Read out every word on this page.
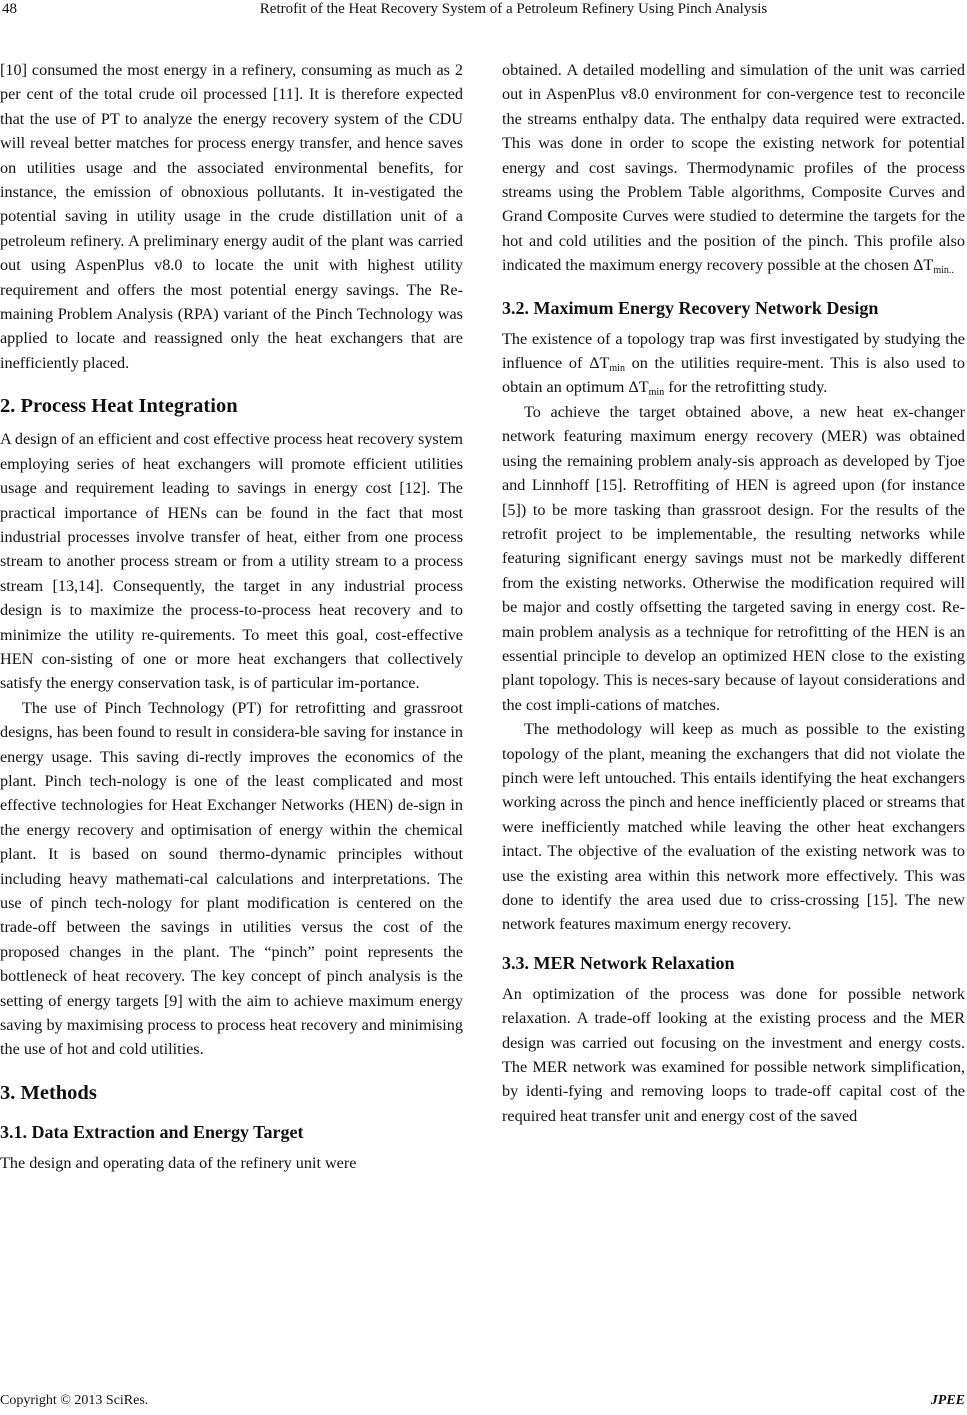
48	Retrofit of the Heat Recovery System of a Petroleum Refinery Using Pinch Analysis

[10] consumed the most energy in a refinery, consuming as much as 2 per cent of the total crude oil processed [11]. It is therefore expected that the use of PT to analyze the energy recovery system of the CDU will reveal better matches for process energy transfer, and hence saves on utilities usage and the associated environmental benefits, for instance, the emission of obnoxious pollutants. It in-vestigated the potential saving in utility usage in the crude distillation unit of a petroleum refinery. A preliminary energy audit of the plant was carried out using AspenPlus v8.0 to locate the unit with highest utility requirement and offers the most potential energy savings. The Re-maining Problem Analysis (RPA) variant of the Pinch Technology was applied to locate and reassigned only the heat exchangers that are inefficiently placed.

2. Process Heat Integration

A design of an efficient and cost effective process heat recovery system employing series of heat exchangers will promote efficient utilities usage and requirement leading to savings in energy cost [12]. The practical importance of HENs can be found in the fact that most industrial processes involve transfer of heat, either from one process stream to another process stream or from a utility stream to a process stream [13,14]. Consequently, the target in any industrial process design is to maximize the process-to-process heat recovery and to minimize the utility re-quirements. To meet this goal, cost-effective HEN con-sisting of one or more heat exchangers that collectively satisfy the energy conservation task, is of particular im-portance.

The use of Pinch Technology (PT) for retrofitting and grassroot designs, has been found to result in considera-ble saving for instance in energy usage. This saving di-rectly improves the economics of the plant. Pinch tech-nology is one of the least complicated and most effective technologies for Heat Exchanger Networks (HEN) de-sign in the energy recovery and optimisation of energy within the chemical plant. It is based on sound thermo-dynamic principles without including heavy mathemati-cal calculations and interpretations. The use of pinch tech-nology for plant modification is centered on the trade-off between the savings in utilities versus the cost of the proposed changes in the plant. The “pinch” point represents the bottleneck of heat recovery. The key concept of pinch analysis is the setting of energy targets [9] with the aim to achieve maximum energy saving by maximising process to process heat recovery and minimising the use of hot and cold utilities.

3. Methods
3.1. Data Extraction and Energy Target

The design and operating data of the refinery unit were

obtained. A detailed modelling and simulation of the unit was carried out in AspenPlus v8.0 environment for con-vergence test to reconcile the streams enthalpy data. The enthalpy data required were extracted. This was done in order to scope the existing network for potential energy and cost savings. Thermodynamic profiles of the process streams using the Problem Table algorithms, Composite Curves and Grand Composite Curves were studied to determine the targets for the hot and cold utilities and the position of the pinch. This profile also indicated the maximum energy recovery possible at the chosen $\Delta T_{min..}$

3.2. Maximum Energy Recovery Network Design

The existence of a topology trap was first investigated by studying the influence of $\Delta T_{min}$ on the utilities require-ment. This is also used to obtain an optimum $\Delta T_{min}$ for the retrofitting study.

To achieve the target obtained above, a new heat ex-changer network featuring maximum energy recovery (MER) was obtained using the remaining problem analy-sis approach as developed by Tjoe and Linnhoff [15]. Retroffiting of HEN is agreed upon (for instance [5]) to be more tasking than grassroot design. For the results of the retrofit project to be implementable, the resulting networks while featuring significant energy savings must not be markedly different from the existing networks. Otherwise the modification required will be major and costly offsetting the targeted saving in energy cost. Re-main problem analysis as a technique for retrofitting of the HEN is an essential principle to develop an optimized HEN close to the existing plant topology. This is neces-sary because of layout considerations and the cost impli-cations of matches.

The methodology will keep as much as possible to the existing topology of the plant, meaning the exchangers that did not violate the pinch were left untouched. This entails identifying the heat exchangers working across the pinch and hence inefficiently placed or streams that were inefficiently matched while leaving the other heat exchangers intact. The objective of the evaluation of the existing network was to use the existing area within this network more effectively. This was done to identify the area used due to criss-crossing [15]. The new network features maximum energy recovery.

3.3. MER Network Relaxation

An optimization of the process was done for possible network relaxation. A trade-off looking at the existing process and the MER design was carried out focusing on the investment and energy costs. The MER network was examined for possible network simplification, by identi-fying and removing loops to trade-off capital cost of the required heat transfer unit and energy cost of the saved

Copyright © 2013 SciRes.	JPEE
